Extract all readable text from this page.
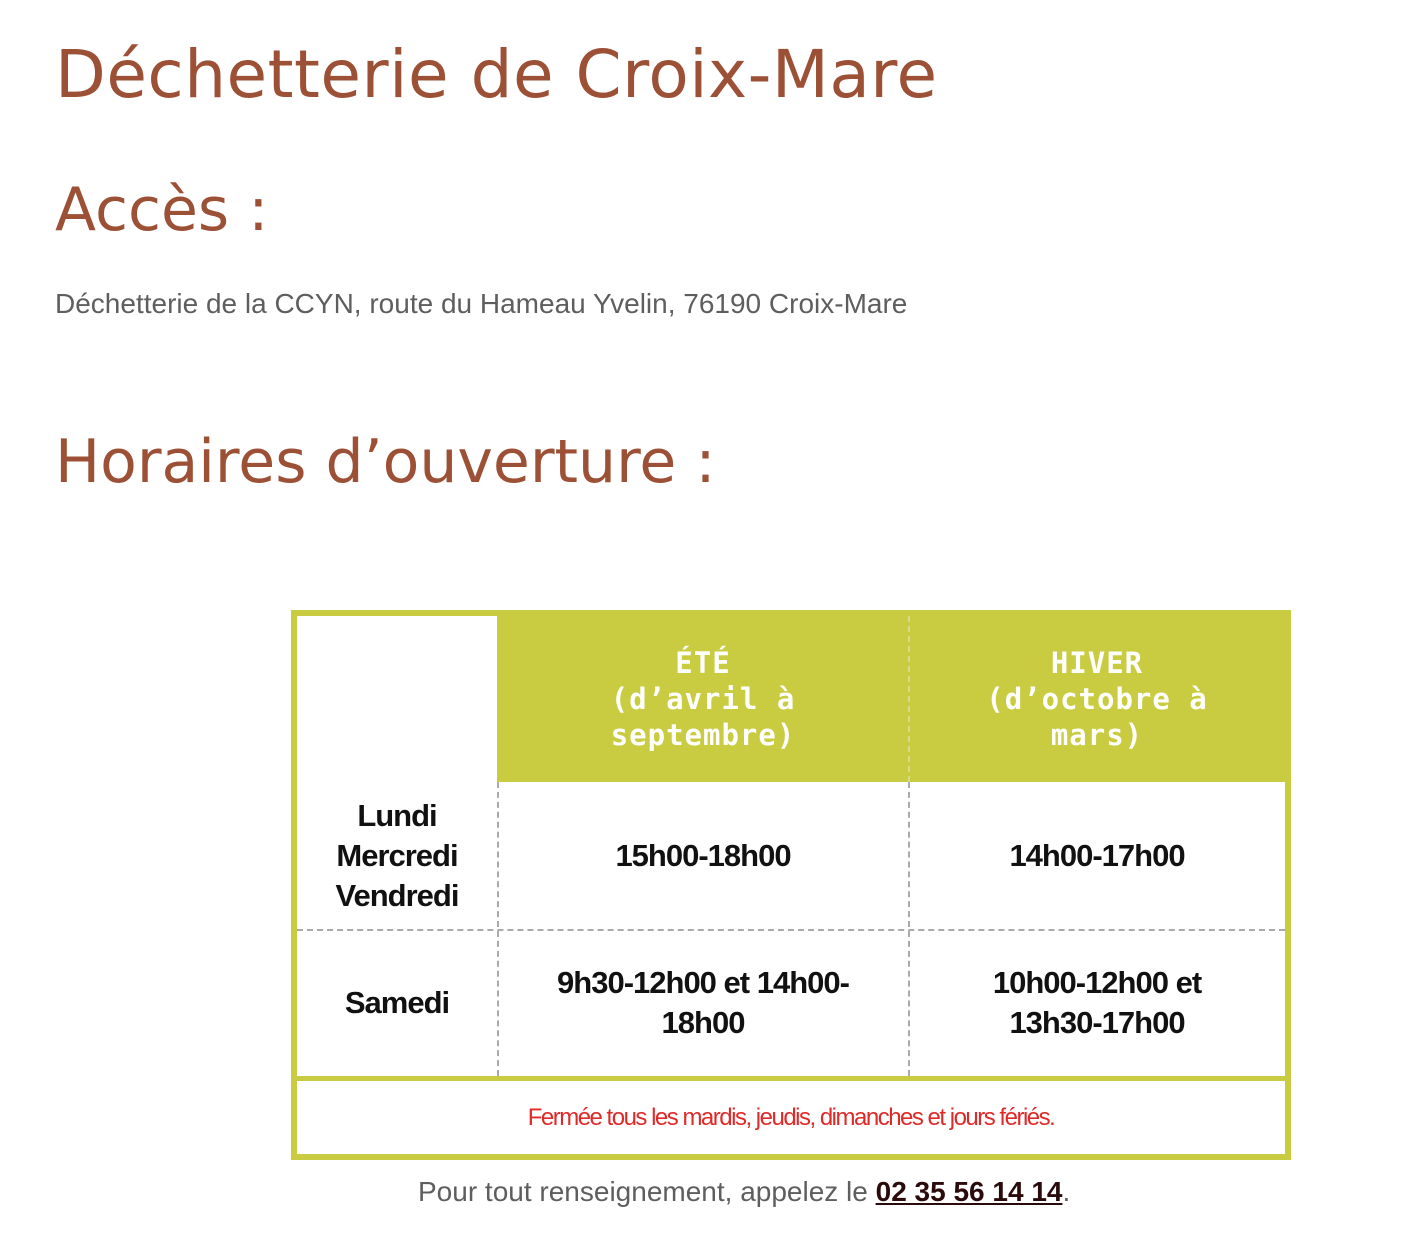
Déchetterie de Croix-Mare
Accès :

Déchetterie de la CCYN, route du Hameau Yvelin, 76190 Croix-Mare

Horaires d’ouverture :
ÉTÉ
(d’avril à septembre)
HIVER
(d’octobre à mars)
Lundi
Mercredi
Vendredi
15h00-18h00	14h00-17h00
Samedi
9h30-12h00 et 14h00-18h00
10h00-12h00 et 13h30-17h00
Fermée tous les mardis, jeudis, dimanches et jours fériés.

Pour tout renseignement, appelez le 02 35 56 14 14.
